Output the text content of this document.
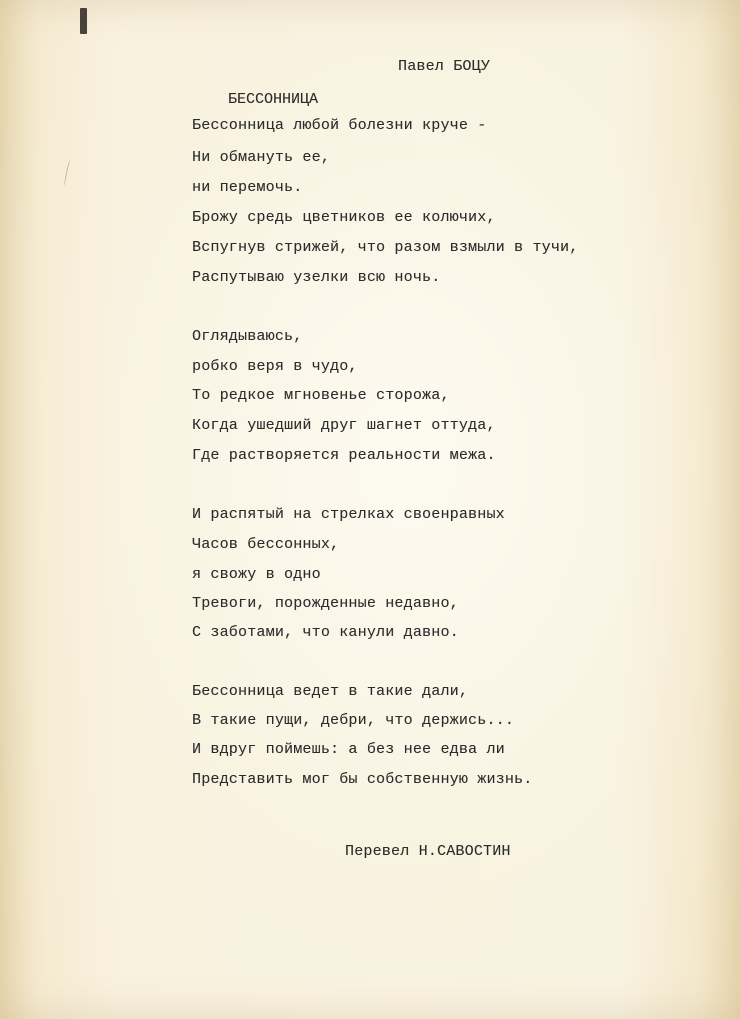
Павел БОЦУ
БЕССОННИЦА
Бессонница любой болезни круче -
Ни обмануть ее,
ни перемочь.
Брожу средь цветников ее колючих,
Вспугнув стрижей, что разом взмыли в тучи,
Распутываю узелки всю ночь.
Оглядываюсь,
робко веря в чудо,
То редкое мгновенье сторожа,
Когда ушедший друг шагнет оттуда,
Где растворяется реальности межа.
И распятый на стрелках своенравных
Часов бессонных,
я свожу в одно
Тревоги, порожденные недавно,
С заботами, что канули давно.
Бессонница ведет в такие дали,
В такие пущи, дебри, что держись...
И вдруг поймешь: а без нее едва ли
Представить мог бы собственную жизнь.
Перевел Н.САВОСТИН
